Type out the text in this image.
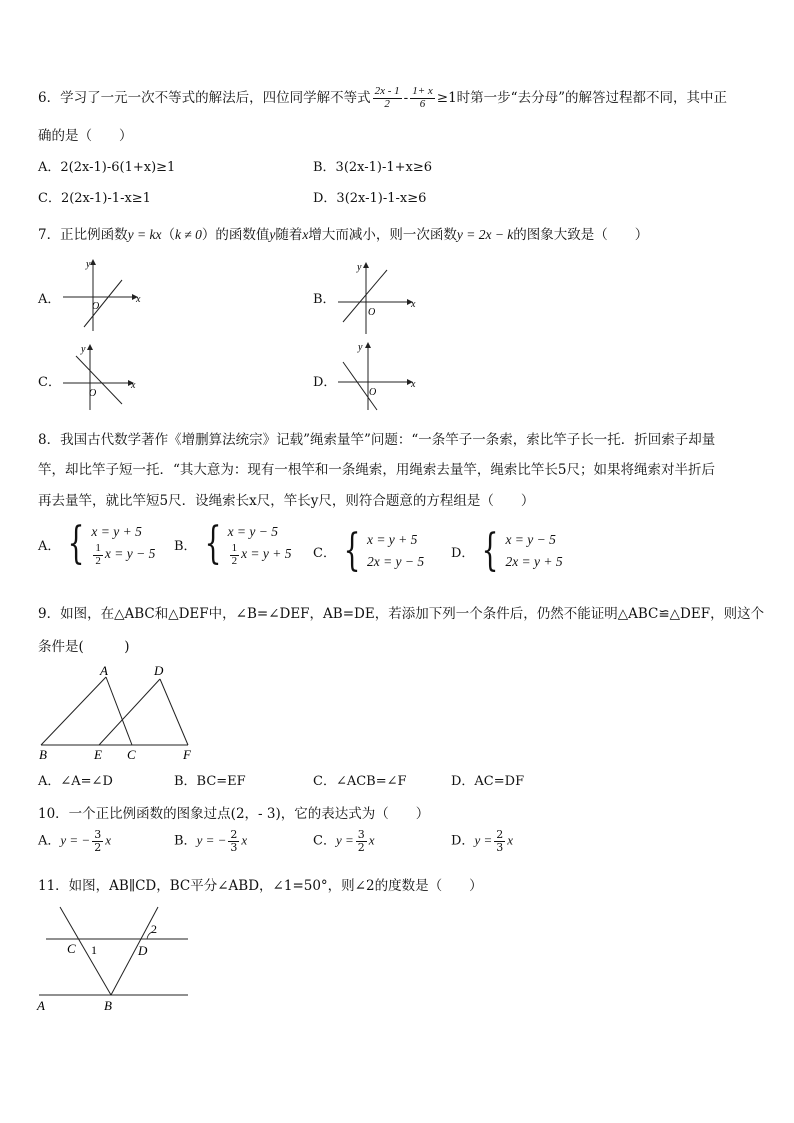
6．学习了一元一次不等式的解法后，四位同学解不等式 $\frac{2x - 1}{2} - \frac{1+ x}{6} \ge 1$时第一步“去分母”的解答过程都不同，其中正
确的是（　　）
A．2(2x-1)-6(1+x)≥1	B．3(2x-1)-1+x≥6
C．2(2x-1)-1-x≥1	D．3(2x-1)-1-x≥6
7．正比例函数y = kx（k ≠ 0）的函数值y随着x增大而减小，则一次函数y = 2x − k的图象大致是（　　）
A．	B．
C．	D．
y
x
O
y
x
O
y
x
O
y
x
O
8．我国古代数学著作《增删算法统宗》记载”绳索量竿”问题：“一条竿子一条索，索比竿子长一托．折回索子却量
竿，却比竿子短一托．“其大意为：现有一根竿和一条绳索，用绳索去量竿，绳索比竿长5尺；如果将绳索对半折后
再去量竿，就比竿短5尺．设绳索长x尺，竿长y尺，则符合题意的方程组是（　　）
A． { x = y + 5
$\frac{1}{2}$ x = y − 5
B． { x = y − 5
$\frac{1}{2}$ x = y + 5 C． { x = y + 5
2x = y − 5
D． { x = y − 5
2x = y + 5
9．如图，在△ABC和△DEF中，∠B=∠DEF，AB=DE，若添加下列一个条件后，仍然不能证明△ABC≌△DEF，则这个
条件是(　　　)
A	D
B	E C	F
A．∠A=∠D	B．BC=EF	C．∠ACB=∠F	D．AC=DF
10．一个正比例函数的图象过点(2，- 3)，它的表达式为（　　）
A．y = − $\frac{3}{2}$ x	B．y = − $\frac{2}{3}$ x	C．$y = \frac{3}{2}$ x	D．$y = \frac{2}{3}$ x
11．如图，AB∥CD，BC平分∠ABD，∠1=50°，则∠2的度数是（　　）
C 1	D
2
A	B
